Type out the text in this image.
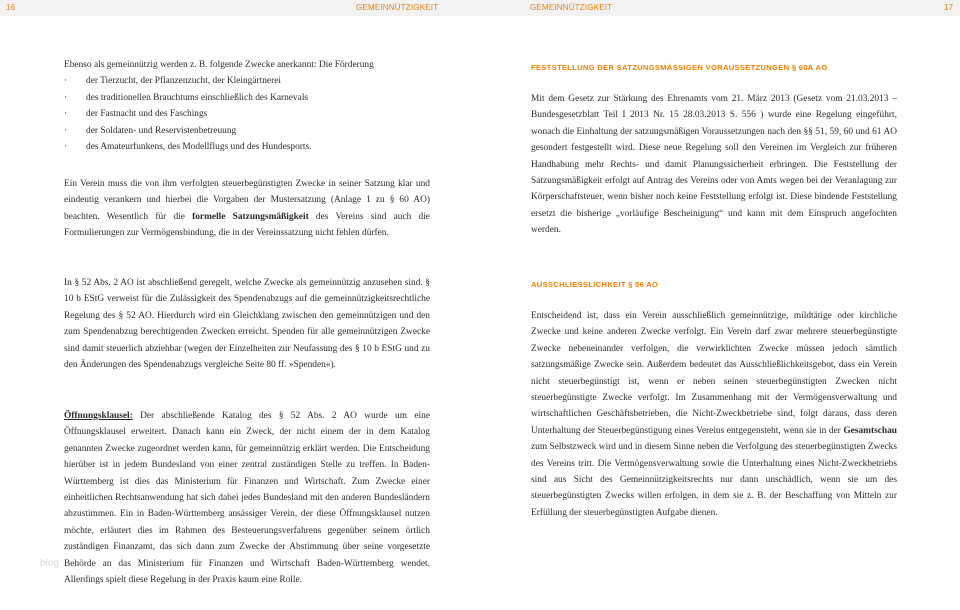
16	GEMEINNÜTZIGKEIT	GEMEINNÜTZIGKEIT	17

Ebenso als gemeinnützig werden z. B. folgende Zwecke anerkannt: Die Förderung

· der Tierzucht, der Pflanzenzucht, der Kleingärtnerei
· des traditionellen Brauchtums einschließlich des Karnevals
· der Fastnacht und des Faschings
· der Soldaten- und Reservistenbetreuung
· des Amateurfunkens, des Modellflugs und des Hundesports.

Ein Verein muss die von ihm verfolgten steuerbegünstigten Zwecke in seiner Satzung klar und eindeutig verankern und hierbei die Vorgaben der Mustersatzung (Anlage 1 zu § 60 AO) beachten. Wesentlich für die formelle Satzungsmäßigkeit des Vereins sind auch die Formulierungen zur Vermögensbindung, die in der Vereinssatzung nicht fehlen dürfen.

In § 52 Abs. 2 AO ist abschließend geregelt, welche Zwecke als gemeinnützig anzusehen sind. § 10 b EStG verweist für die Zulässigkeit des Spendenabzugs auf die gemeinnützigkeitsrechtliche Regelung des § 52 AO. Hierdurch wird ein Gleichklang zwischen den gemeinnützigen und den zum Spendenabzug berechtigenden Zwecken erreicht. Spenden für alle gemeinnützigen Zwecke sind damit steuerlich abziehbar (wegen der Einzelheiten zur Neufassung des § 10 b EStG und zu den Änderungen des Spendenabzugs vergleiche Seite 80 ff. »Spenden«).

Öffnungsklausel: Der abschließende Katalog des § 52 Abs. 2 AO wurde um eine Öffnungsklausel erweitert. Danach kann ein Zweck, der nicht einem der in dem Katalog genannten Zwecke zugeordnet werden kann, für gemeinnützig erklärt werden. Die Entscheidung hierüber ist in jedem Bundesland von einer zentral zuständigen Stelle zu treffen. In Baden-Württemberg ist dies das Ministerium für Finanzen und Wirtschaft. Zum Zwecke einer einheitlichen Rechtsanwendung hat sich dabei jedes Bundesland mit den anderen Bundesländern abzustimmen. Ein in Baden-Württemberg ansässiger Verein, der diese Öffnungsklausel nutzen möchte, erläutert dies im Rahmen des Besteuerungsverfahrens gegenüber seinem örtlich zuständigen Finanzamt, das sich dann zum Zwecke der Abstimmung über seine vorgesetzte Behörde an das Ministerium für Finanzen und Wirtschaft Baden-Württemberg wendet. Allerdings spielt diese Regelung in der Praxis kaum eine Rolle.

FESTSTELLUNG DER SATZUNGSMÄSSIGEN VORAUSSETZUNGEN § 60A AO

Mit dem Gesetz zur Stärkung des Ehrenamts vom 21. März 2013 (Gesetz vom 21.03.2013 – Bundesgesetzblatt Teil I 2013 Nr. 15 28.03.2013 S. 556 ) wurde eine Regelung eingeführt, wonach die Einhaltung der satzungsmäßigen Voraussetzungen nach den §§ 51, 59, 60 und 61 AO gesondert festgestellt wird. Diese neue Regelung soll den Vereinen im Vergleich zur früheren Handhabung mehr Rechts- und damit Planungssicherheit erbringen. Die Feststellung der Satzungsmäßigkeit erfolgt auf Antrag des Vereins oder von Amts wegen bei der Veranlagung zur Körperschaftsteuer, wenn bisher noch keine Feststellung erfolgt ist. Diese bindende Feststellung ersetzt die bisherige „vorläufige Bescheinigung“ und kann mit dem Einspruch angefochten werden.

AUSSCHLIESSLICHKEIT § 56 AO

Entscheidend ist, dass ein Verein ausschließlich gemeinnützige, mildtätige oder kirchliche Zwecke und keine anderen Zwecke verfolgt. Ein Verein darf zwar mehrere steuerbegünstigte Zwecke nebeneinander verfolgen, die verwirklichten Zwecke müssen jedoch sämtlich satzungsmäßige Zwecke sein. Außerdem bedeutet das Ausschließlichkeitsgebot, dass ein Verein nicht steuerbegünstigt ist, wenn er neben seinen steuerbegünstigten Zwecken nicht steuerbegünstigte Zwecke verfolgt. Im Zusammenhang mit der Vermögensverwaltung und wirtschaftlichen Geschäftsbetrieben, die Nicht-Zweckbetriebe sind, folgt daraus, dass deren Unterhaltung der Steuerbegünstigung eines Vereins entgegensteht, wenn sie in der Gesamtschau zum Selbstzweck wird und in diesem Sinne neben die Verfolgung des steuerbegünstigten Zwecks des Vereins tritt. Die Vermögensverwaltung sowie die Unterhaltung eines Nicht-Zweckbetriebs sind aus Sicht des Gemeinnützigkeitsrechts nur dann unschädlich, wenn sie um des steuerbegünstigten Zwecks willen erfolgen, in dem sie z. B. der Beschaffung von Mitteln zur Erfüllung der steuerbegünstigten Aufgabe dienen.

blog
